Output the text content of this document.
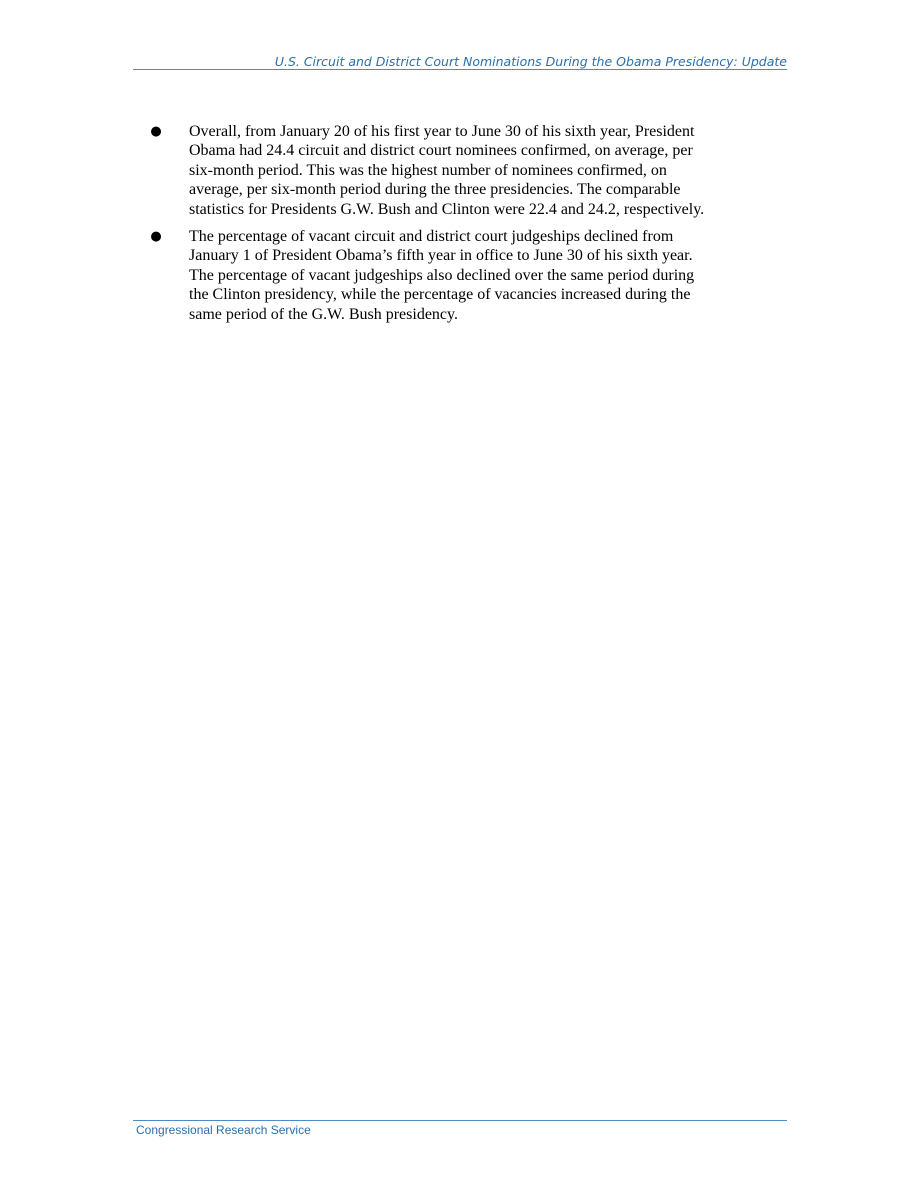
U.S. Circuit and District Court Nominations During the Obama Presidency: Update
● Overall, from January 20 of his first year to June 30 of his sixth year, President
Obama had 24.4 circuit and district court nominees confirmed, on average, per
six-month period. This was the highest number of nominees confirmed, on
average, per six-month period during the three presidencies. The comparable
statistics for Presidents G.W. Bush and Clinton were 22.4 and 24.2, respectively.
● The percentage of vacant circuit and district court judgeships declined from
January 1 of President Obama’s fifth year in office to June 30 of his sixth year.
The percentage of vacant judgeships also declined over the same period during
the Clinton presidency, while the percentage of vacancies increased during the
same period of the G.W. Bush presidency.
Congressional Research Service
